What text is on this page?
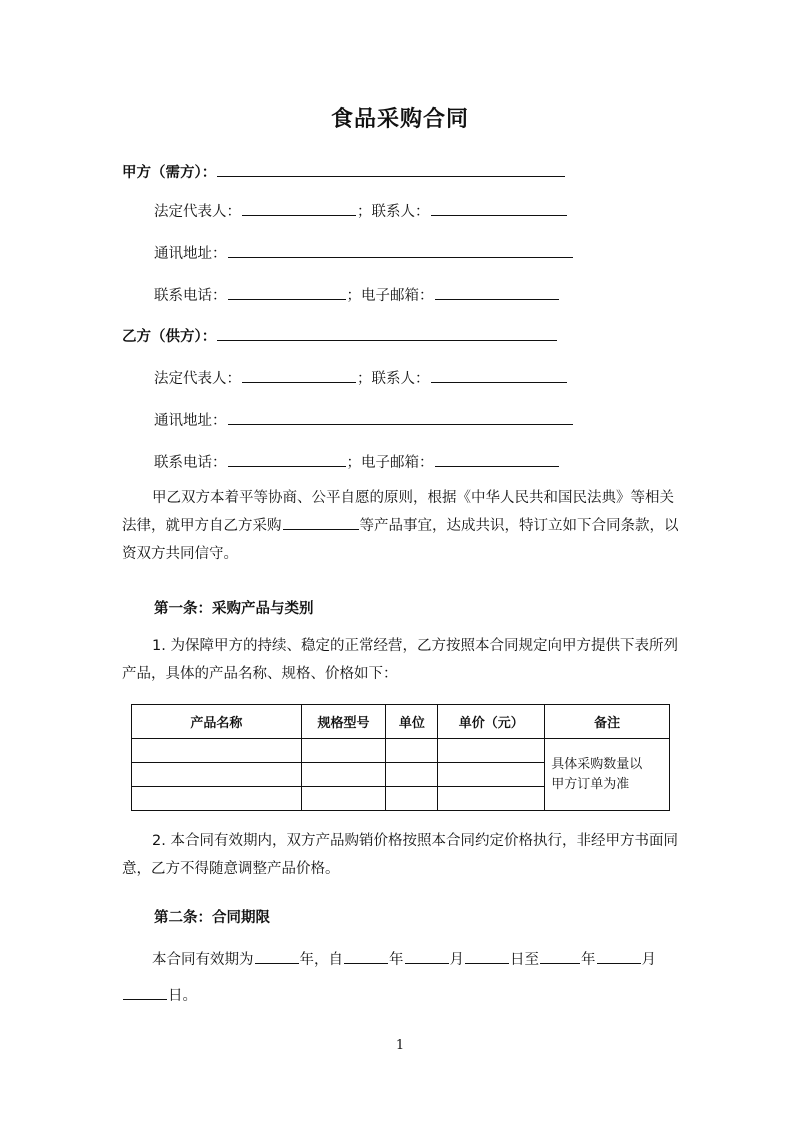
食品采购合同
甲方（需方）：
法定代表人：	；联系人：
通讯地址：
联系电话：	；电子邮箱：
乙方（供方）：
法定代表人：	；联系人：
通讯地址：
联系电话：	；电子邮箱：
甲乙双方本着平等协商、公平自愿的原则，根据《中华人民共和国民法典》等相关法律，就甲方自乙方采购	等产品事宜，达成共识，特订立如下合同条款，以资双方共同信守。
第一条：采购产品与类别
1. 为保障甲方的持续、稳定的正常经营，乙方按照本合同规定向甲方提供下表所列产品，具体的产品名称、规格、价格如下：
产品名称	规格型号	单位	单价（元）	备注
				具体采购数量以
甲方订单为准

2. 本合同有效期内，双方产品购销价格按照本合同约定价格执行，非经甲方书面同意，乙方不得随意调整产品价格。
第二条：合同期限
本合同有效期为	年，自	年	月	日至	年	月日。
1
